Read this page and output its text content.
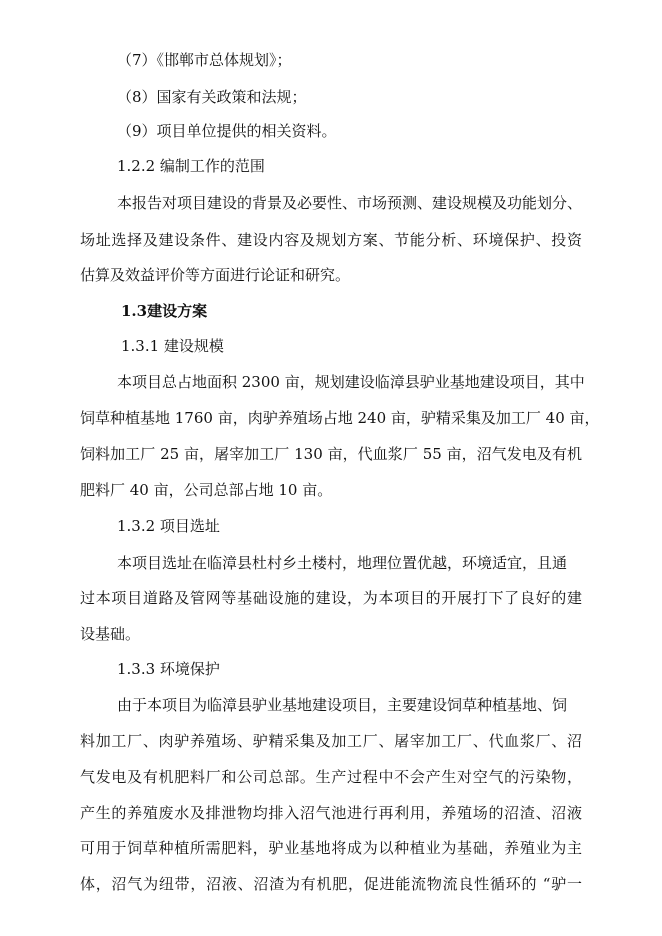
（7）《邯郸市总体规划》；
（8）国家有关政策和法规；
（9）项目单位提供的相关资料。
1.2.2 编制工作的范围
本报告对项目建设的背景及必要性、市场预测、建设规模及功能划分、
场址选择及建设条件、建设内容及规划方案、节能分析、环境保护、投资
估算及效益评价等方面进行论证和研究。
1.3建设方案
1.3.1 建设规模
本项目总占地面积 2300 亩，规划建设临漳县驴业基地建设项目，其中
饲草种植基地 1760 亩，肉驴养殖场占地 240 亩，驴精采集及加工厂 40 亩，
饲料加工厂 25 亩，屠宰加工厂 130 亩，代血浆厂 55 亩，沼气发电及有机
肥料厂 40 亩，公司总部占地 10 亩。
1.3.2 项目选址
本项目选址在临漳县杜村乡土楼村，地理位置优越，环境适宜，且通
过本项目道路及管网等基础设施的建设，为本项目的开展打下了良好的建
设基础。
1.3.3 环境保护
由于本项目为临漳县驴业基地建设项目，主要建设饲草种植基地、饲
料加工厂、肉驴养殖场、驴精采集及加工厂、屠宰加工厂、代血浆厂、沼
气发电及有机肥料厂和公司总部。生产过程中不会产生对空气的污染物，
产生的养殖废水及排泄物均排入沼气池进行再利用，养殖场的沼渣、沼液
可用于饲草种植所需肥料，驴业基地将成为以种植业为基础，养殖业为主
体，沼气为纽带，沼液、沼渣为有机肥，促进能流物流良性循环的 “驴一
